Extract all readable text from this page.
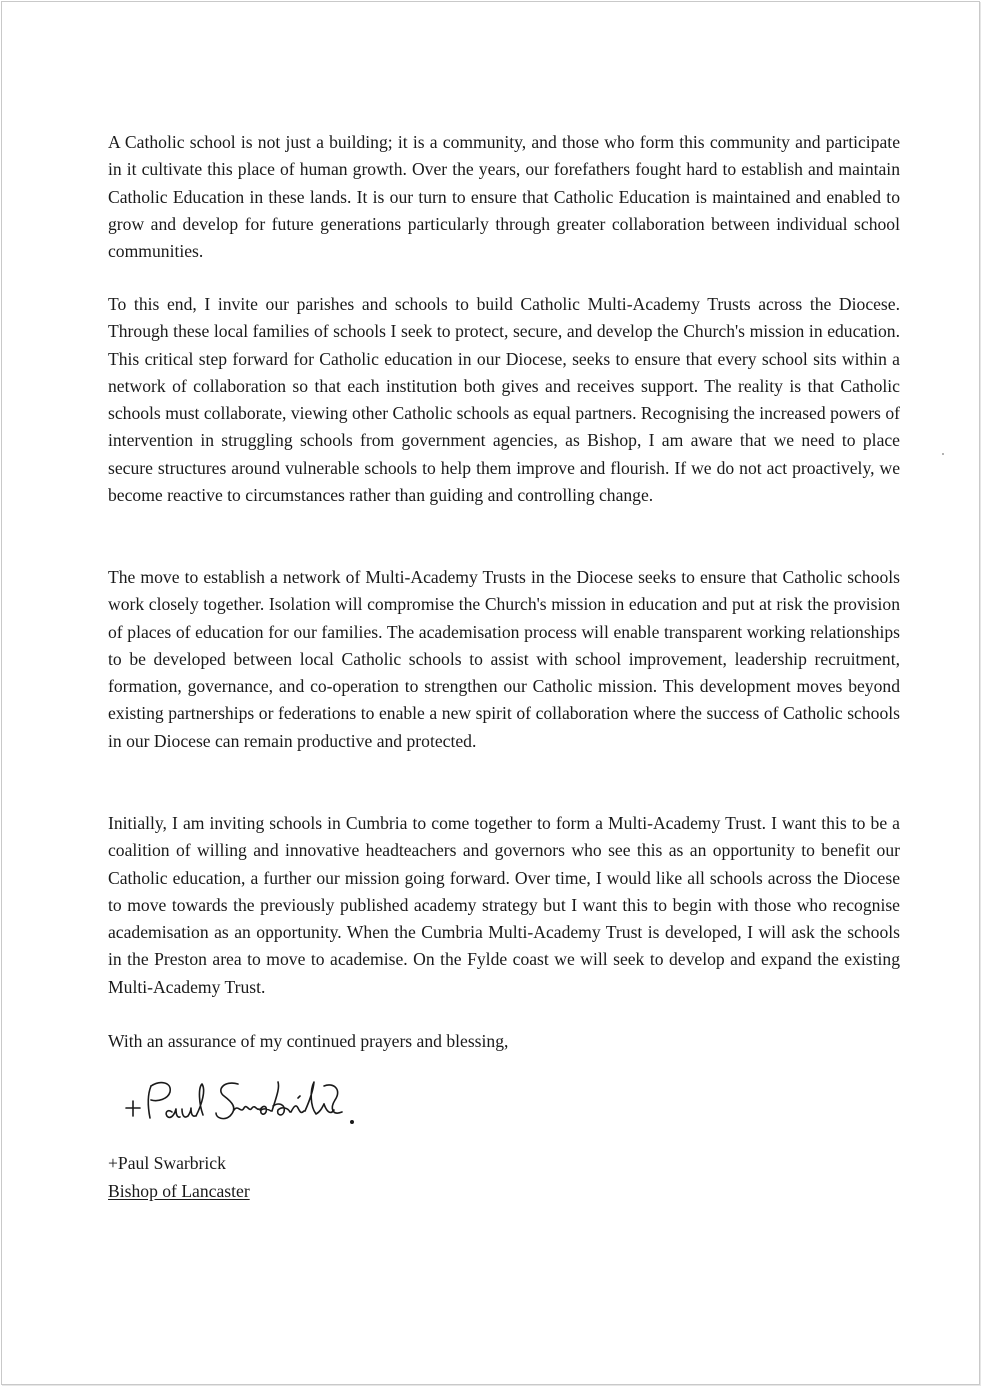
A Catholic school is not just a building; it is a community, and those who form this community and participate in it cultivate this place of human growth. Over the years, our forefathers fought hard to establish and maintain Catholic Education in these lands. It is our turn to ensure that Catholic Education is maintained and enabled to grow and develop for future generations particularly through greater collaboration between individual school communities.

To this end, I invite our parishes and schools to build Catholic Multi-Academy Trusts across the Diocese. Through these local families of schools I seek to protect, secure, and develop the Church's mission in education. This critical step forward for Catholic education in our Diocese, seeks to ensure that every school sits within a network of collaboration so that each institution both gives and receives support. The reality is that Catholic schools must collaborate, viewing other Catholic schools as equal partners. Recognising the increased powers of intervention in struggling schools from government agencies, as Bishop, I am aware that we need to place secure structures around vulnerable schools to help them improve and flourish. If we do not act proactively, we become reactive to circumstances rather than guiding and controlling change.

The move to establish a network of Multi-Academy Trusts in the Diocese seeks to ensure that Catholic schools work closely together. Isolation will compromise the Church's mission in education and put at risk the provision of places of education for our families. The academisation process will enable transparent working relationships to be developed between local Catholic schools to assist with school improvement, leadership recruitment, formation, governance, and co-operation to strengthen our Catholic mission. This development moves beyond existing partnerships or federations to enable a new spirit of collaboration where the success of Catholic schools in our Diocese can remain productive and protected.

Initially, I am inviting schools in Cumbria to come together to form a Multi-Academy Trust. I want this to be a coalition of willing and innovative headteachers and governors who see this as an opportunity to benefit our Catholic education, a further our mission going forward. Over time, I would like all schools across the Diocese to move towards the previously published academy strategy but I want this to begin with those who recognise academisation as an opportunity. When the Cumbria Multi-Academy Trust is developed, I will ask the schools in the Preston area to move to academise. On the Fylde coast we will seek to develop and expand the existing Multi-Academy Trust.

With an assurance of my continued prayers and blessing,
+Paul Swarbrick
Bishop of Lancaster
